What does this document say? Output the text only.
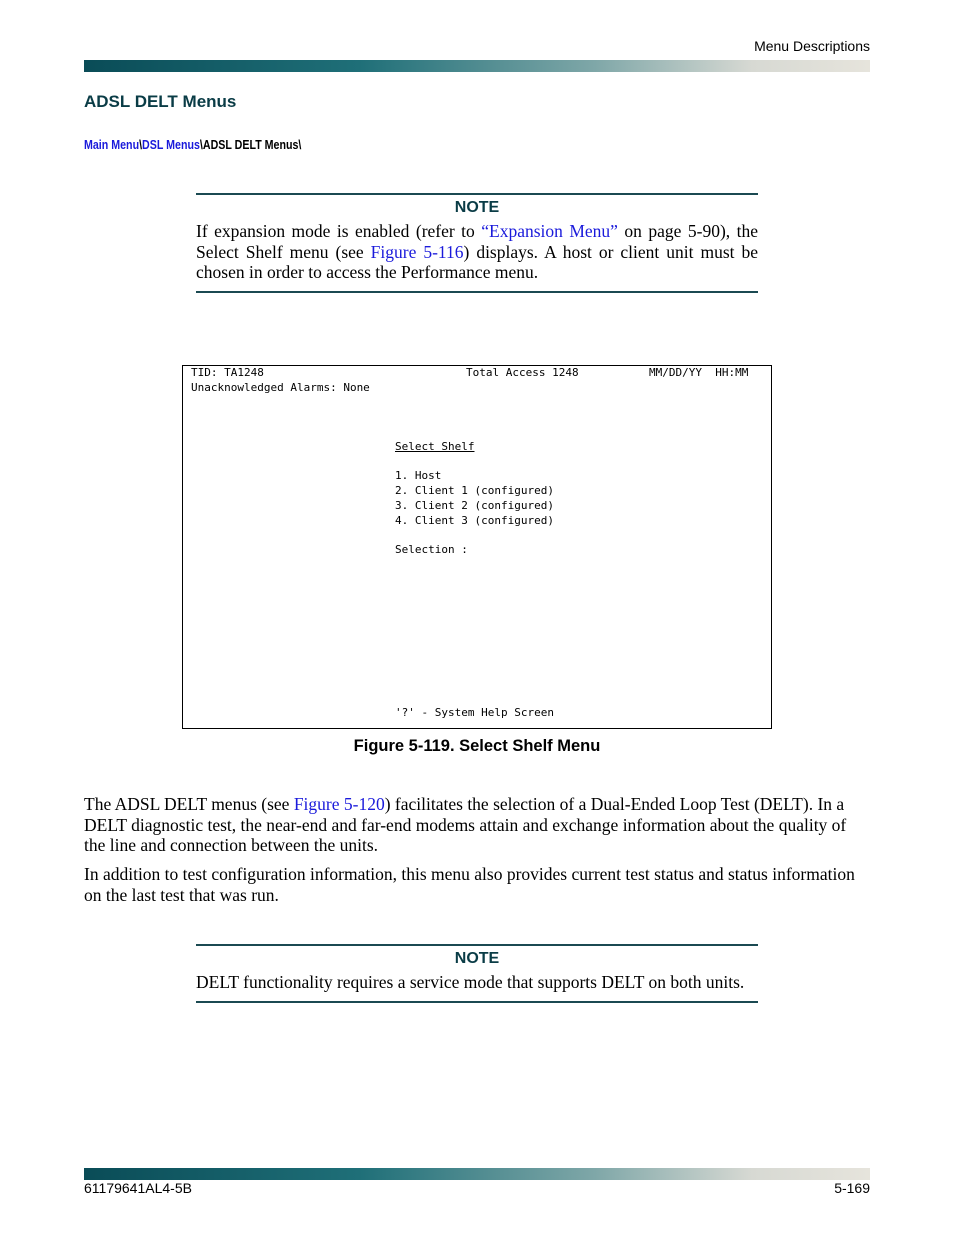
Menu Descriptions
ADSL DELT Menus
Main Menu\DSL Menus\ADSL DELT Menus\
NOTE
If expansion mode is enabled (refer to “Expansion Menu” on page 5-90), the Select Shelf menu (see Figure 5-116) displays. A host or client unit must be chosen in order to access the Performance menu.
TID: TA1248	Total Access 1248	MM/DD/YY  HH:MM
Unacknowledged Alarms: None
Select Shelf
1. Host
2. Client 1 (configured)
3. Client 2 (configured)
4. Client 3 (configured)
Selection :
'?' - System Help Screen
Figure 5-119. Select Shelf Menu
The ADSL DELT menus (see Figure 5-120) facilitates the selection of a Dual-Ended Loop Test (DELT). In a DELT diagnostic test, the near-end and far-end modems attain and exchange information about the quality of the line and connection between the units.
In addition to test configuration information, this menu also provides current test status and status information on the last test that was run.
NOTE
DELT functionality requires a service mode that supports DELT on both units.
61179641AL4-5B	5-169
